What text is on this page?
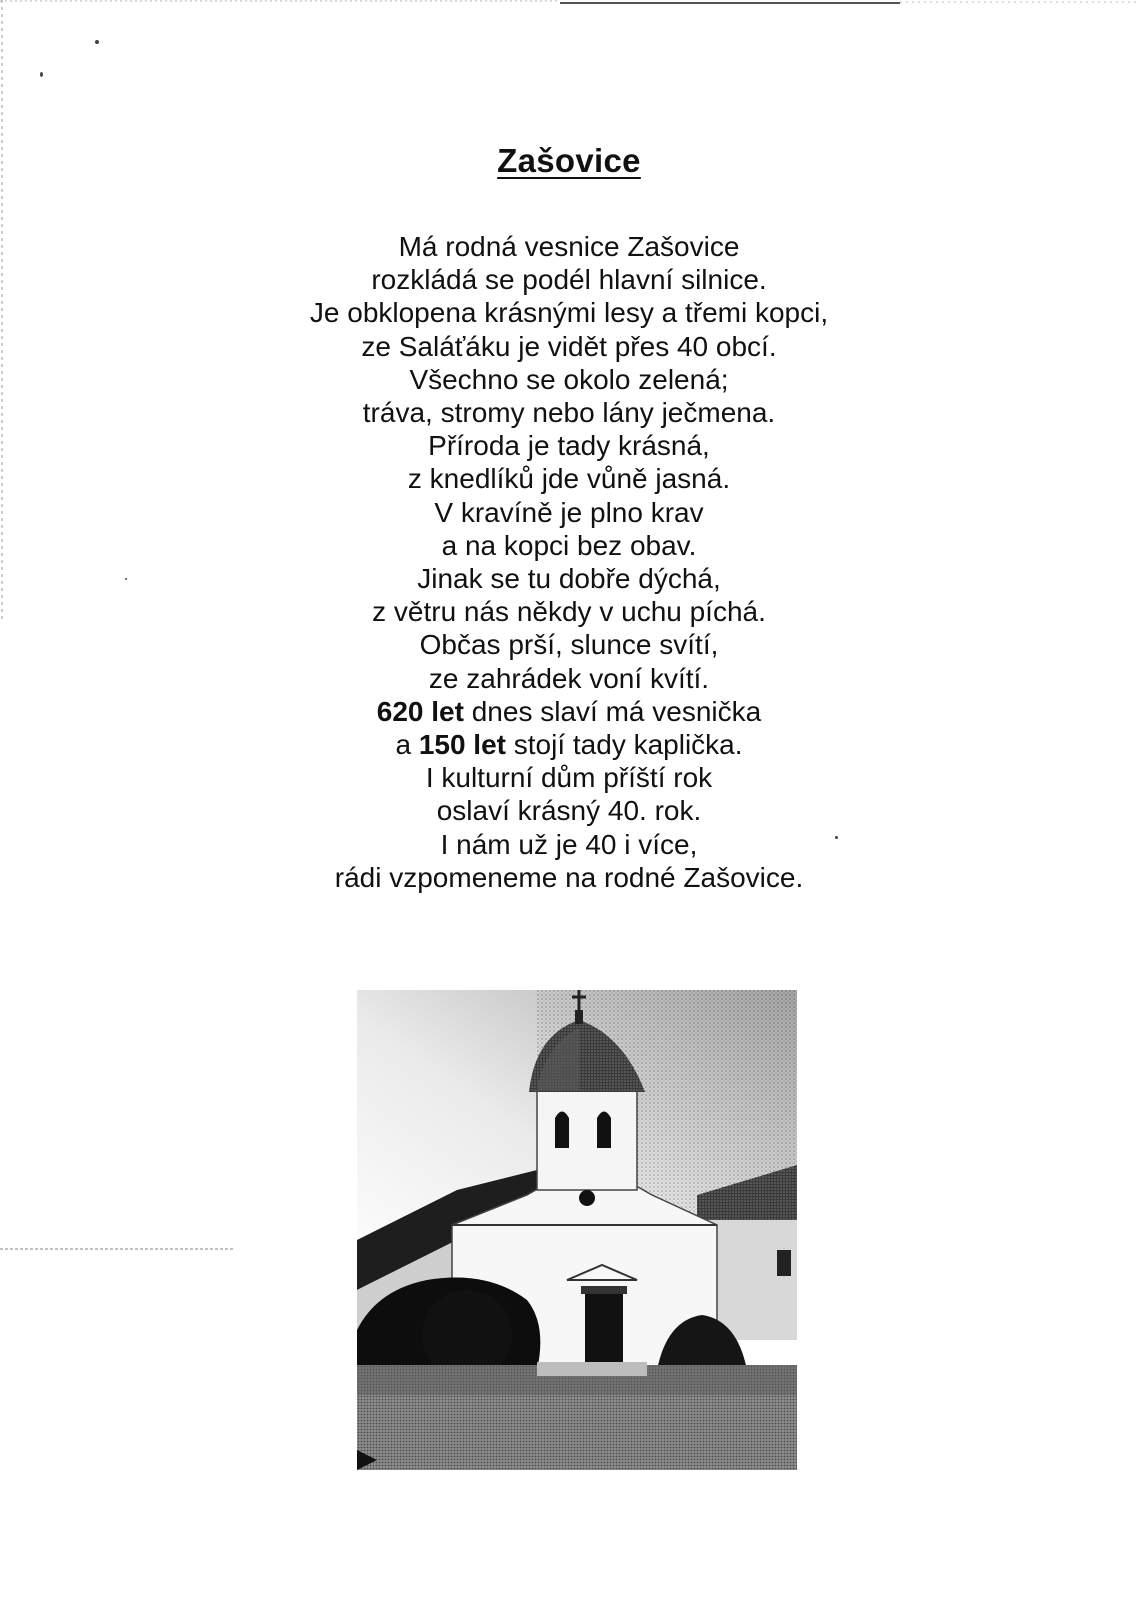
Zašovice
Má rodná vesnice Zašovice
rozkládá se podél hlavní silnice.
Je obklopena krásnými lesy a třemi kopci,
ze Saláťáku je vidět přes 40 obcí.
Všechno se okolo zelená;
tráva, stromy nebo lány ječmena.
Příroda je tady krásná,
z knedlíků jde vůně jasná.
V kravíně je plno krav
a na kopci bez obav.
Jinak se tu dobře dýchá,
z větru nás někdy v uchu píchá.
Občas prší, slunce svítí,
ze zahrádek voní kvítí.
620 let dnes slaví má vesnička
a 150 let stojí tady kaplička.
I kulturní dům příští rok
oslaví krásný 40. rok.
I nám už je 40 i více,
rádi vzpomeneme na rodné Zašovice.
